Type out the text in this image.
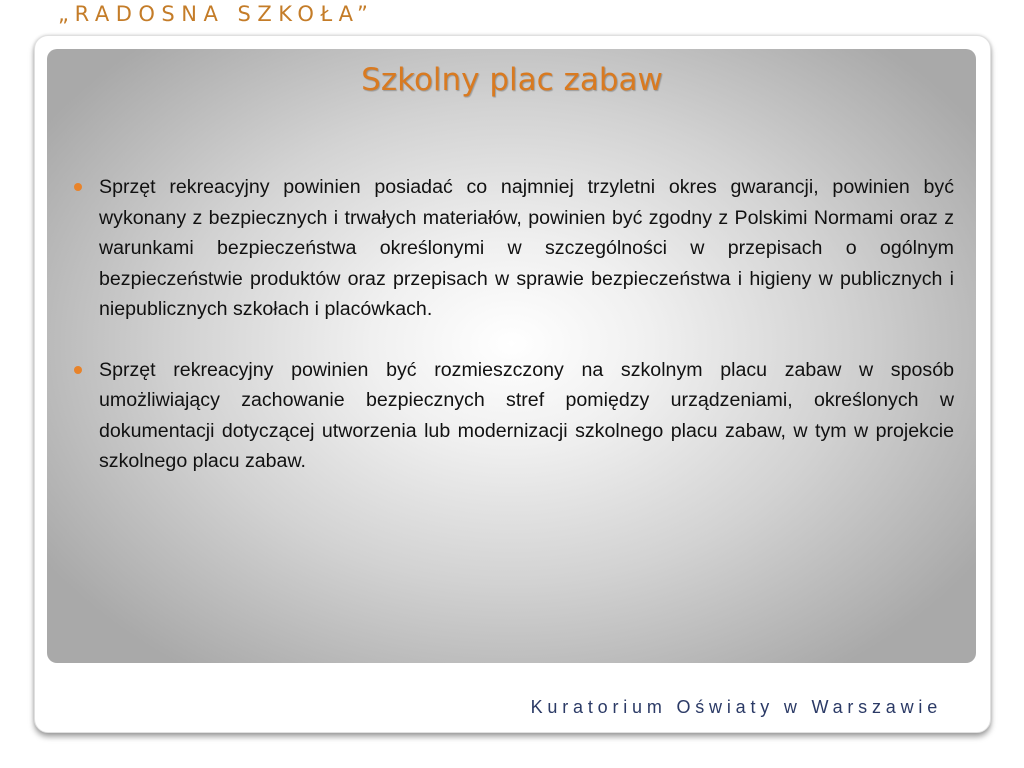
„RADOSNA SZKOŁA”
Szkolny plac zabaw
Sprzęt rekreacyjny powinien posiadać co najmniej trzyletni okres gwarancji, powinien być wykonany z bezpiecznych i trwałych materiałów, powinien być zgodny z Polskimi Normami oraz z warunkami bezpieczeństwa określonymi w szczególności w przepisach o ogólnym bezpieczeństwie produktów oraz przepisach w sprawie bezpieczeństwa i higieny w publicznych i niepublicznych szkołach i placówkach.
Sprzęt rekreacyjny powinien być rozmieszczony na szkolnym placu zabaw w sposób umożliwiający zachowanie bezpiecznych stref pomiędzy urządzeniami, określonych w dokumentacji dotyczącej utworzenia lub modernizacji szkolnego placu zabaw, w tym w projekcie szkolnego placu zabaw.
Kuratorium Oświaty w Warszawie
